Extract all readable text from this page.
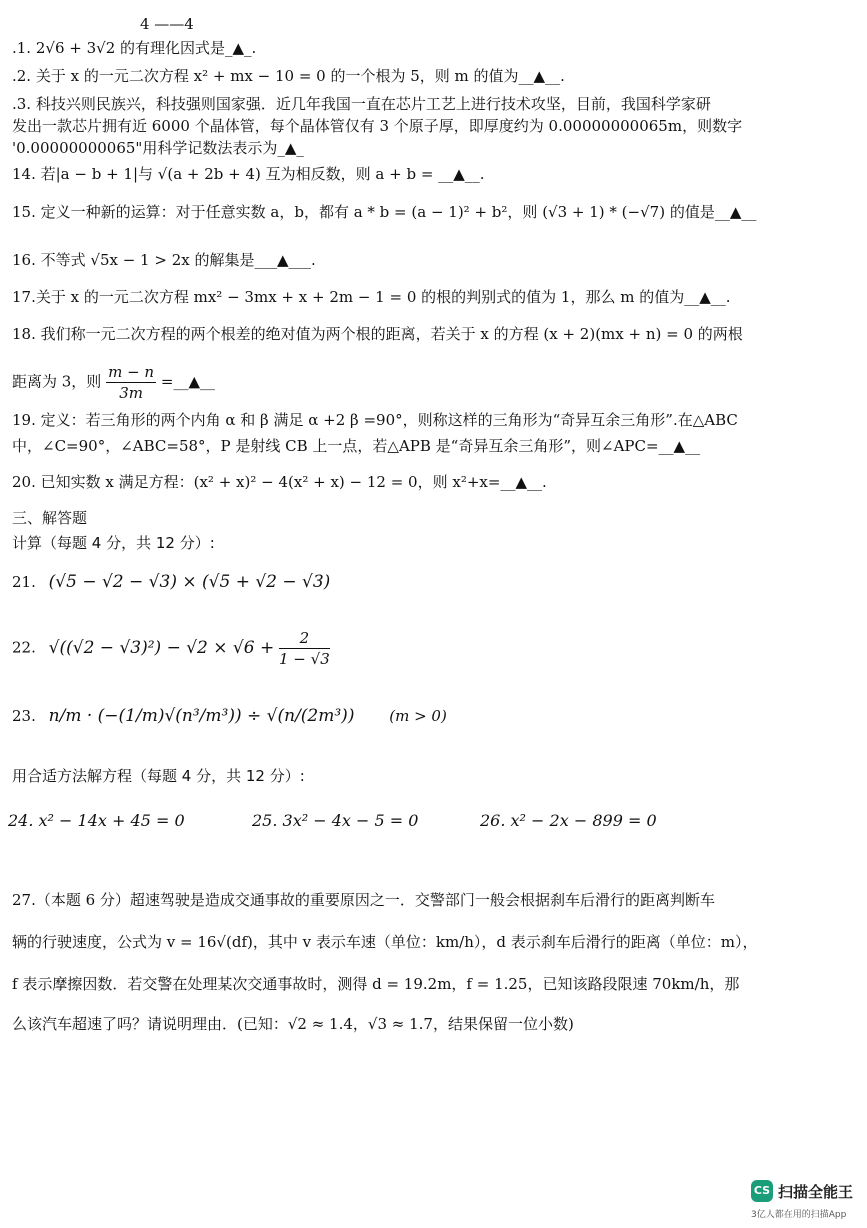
4 ——4
.1. 2√6 + 3√2 的有理化因式是_▲_.
.2. 关于 x 的一元二次方程 x² + mx − 10 = 0 的一个根为 5，则 m 的值为__▲__.
.3. 科技兴则民族兴，科技强则国家强．近几年我国一直在芯片工艺上进行技术攻坚，目前，我国科学家研
发出一款芯片拥有近 6000 个晶体管，每个晶体管仅有 3 个原子厚，即厚度约为 0.00000000065m，则数字
'0.00000000065"用科学记数法表示为_▲_
14. 若|a − b + 1|与 √(a + 2b + 4) 互为相反数，则 a + b = __▲__.
15. 定义一种新的运算：对于任意实数 a，b，都有 a * b = (a − 1)² + b²，则 (√3 + 1) * (−√7) 的值是__▲__
16. 不等式 √5x − 1 > 2x 的解集是___▲___.
17.关于 x 的一元二次方程 mx² − 3mx + x + 2m − 1 = 0 的根的判别式的值为 1，那么 m 的值为__▲__.
18. 我们称一元二次方程的两个根差的绝对值为两个根的距离，若关于 x 的方程 (x + 2)(mx + n) = 0 的两根
距离为 3，则 $\frac{m - n}{3m}$ =__▲__
19. 定义：若三角形的两个内角 α 和 β 满足 α +2 β =90°，则称这样的三角形为“奇异互余三角形”.在△ABC
中，∠C=90°，∠ABC=58°，P 是射线 CB 上一点，若△APB 是“奇异互余三角形”，则∠APC=__▲__
20. 已知实数 x 满足方程：(x² + x)² − 4(x² + x) − 12 = 0，则 x²+x=__▲__.
三、解答题
计算（每题 4 分，共 12 分）:
21. (√5 − √2 − √3) × (√5 + √2 − √3)
22. $√((√2 - √3)^2) - √2 \times √6 + \frac{2}{1 - √3}$
23. n/m · (−(1/m)√(n³/m³)) ÷ √(n/(2m³)) (m > 0)
用合适方法解方程（每题 4 分，共 12 分）:
24. x² − 14x + 45 = 0	25. 3x² − 4x − 5 = 0	26. x² − 2x − 899 = 0
27.（本题 6 分）超速驾驶是造成交通事故的重要原因之一．交警部门一般会根据刹车后滑行的距离判断车
辆的行驶速度，公式为 v = 16√(df)，其中 v 表示车速（单位：km/h），d 表示刹车后滑行的距离（单位：m），
f 表示摩擦因数．若交警在处理某次交通事故时，测得 d = 19.2m，f = 1.25，已知该路段限速 70km/h，那
么该汽车超速了吗？请说明理由．(已知：√2 ≈ 1.4，√3 ≈ 1.7，结果保留一位小数)
CS 扫描全能王
3亿人都在用的扫描App
